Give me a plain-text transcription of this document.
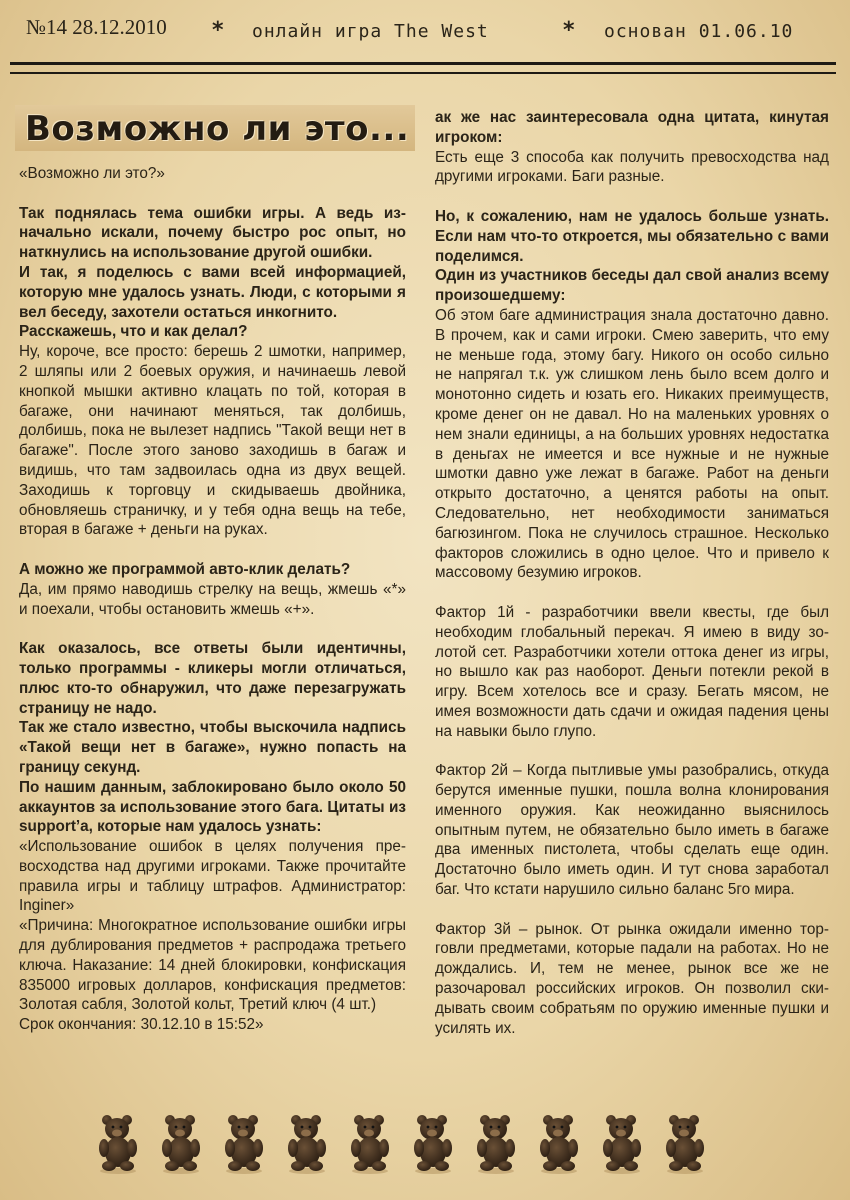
№14 28.12.2010 * онлайн игра The West	* основан 01.06.10
Возможно ли это...

«Возможно ли это?»

Так поднялась тема ошибки игры. А ведь изначально искали, почему быстро рос опыт, но наткнулись на использование другой ошибки.

И так, я поделюсь с вами всей информацией, которую мне удалось узнать. Люди, с которыми я вел беседу, захотели остаться инкогнито.

Расскажешь, что и как делал?

Ну, короче, все просто: берешь 2 шмотки, например, 2 шляпы или 2 боевых оружия, и начинаешь левой кнопкой мышки активно клацать по той, которая в багаже, они начинают меняться, так долбишь, долбишь, пока не вылезет надпись "Такой вещи нет в багаже". После этого заново заходишь в багаж и видишь, что там задвоилась одна из двух вещей. Заходишь к торговцу и скидываешь двойника, обновляешь страничку, и у тебя одна вещь на тебе, вторая в багаже + деньги на руках.

А можно же программой авто-клик делать?

Да, им прямо наводишь стрелку на вещь, жмешь «*» и поехали, чтобы остановить жмешь «+».

Как оказалось, все ответы были идентичны, только программы - кликеры могли отличаться, плюс кто-то обнаружил, что даже перезагружать страницу не надо.

Так же стало известно, чтобы выскочила надпись «Такой вещи нет в багаже», нужно попасть на границу секунд.

По нашим данным, заблокировано было около 50 аккаунтов за использование этого бага. Цитаты из support’a, которые нам удалось узнать:

«Использование ошибок в целях получения превосходства над другими игроками. Также прочитайте правила игры и таблицу штрафов. Администратор: Inginer»

«Причина: Многократное использование ошибки игры для дублирования предметов + распродажа третьего ключа. Наказание: 14 дней блокировки, конфискация 835000 игровых долларов, конфискация предметов: Золотая сабля, Золотой кольт, Третий ключ (4 шт.)

Срок окончания: 30.12.10 в 15:52»

ак же нас заинтересовала одна цитата, кинутая игроком:

Есть еще 3 способа как получить превосходства над другими игроками. Баги разные.

Но, к сожалению, нам не удалось больше узнать. Если нам что-то откроется, мы обязательно с вами поделимся.

Один из участников беседы дал свой анализ всему произошедшему:

Об этом баге администрация знала достаточно давно. В прочем, как и сами игроки. Смею заверить, что ему не меньше года, этому багу. Никого он особо сильно не напрягал т.к. уж слишком лень было всем долго и монотонно сидеть и юзать его. Никаких преимуществ, кроме денег он не давал. Но на маленьких уровнях о нем знали единицы, а на больших уровнях недостатка в деньгах не имеется и все нужные и не нужные шмотки давно уже лежат в багаже. Работ на деньги открыто достаточно, а ценятся работы на опыт. Следовательно, нет необходимости заниматься багюзингом. Пока не случилось страшное. Несколько факторов сложились в одно целое. Что и привело к массовому безумию игроков.

Фактор 1й - разработчики ввели квесты, где был необходим глобальный перекач. Я имею в виду золотой сет. Разработчики хотели оттока денег из игры, но вышло как раз наоборот. Деньги потекли рекой в игру. Всем хотелось все и сразу. Бегать мясом, не имея возможности дать сдачи и ожидая падения цены на навыки было глупо.

Фактор 2й – Когда пытливые умы разобрались, откуда берутся именные пушки, пошла волна клонирования именного оружия. Как неожиданно выяснилось опытным путем, не обязательно было иметь в багаже два именных пистолета, чтобы сделать еще один. Достаточно было иметь один. И тут снова заработал баг. Что кстати нарушило сильно баланс 5го мира.

Фактор 3й – рынок. От рынка ожидали именно торговли предметами, которые падали на работах. Но не дождались. И, тем не менее, рынок все же не разочаровал российских игроков. Он позволил скидывать своим собратьям по оружию именные пушки и усилять их.
